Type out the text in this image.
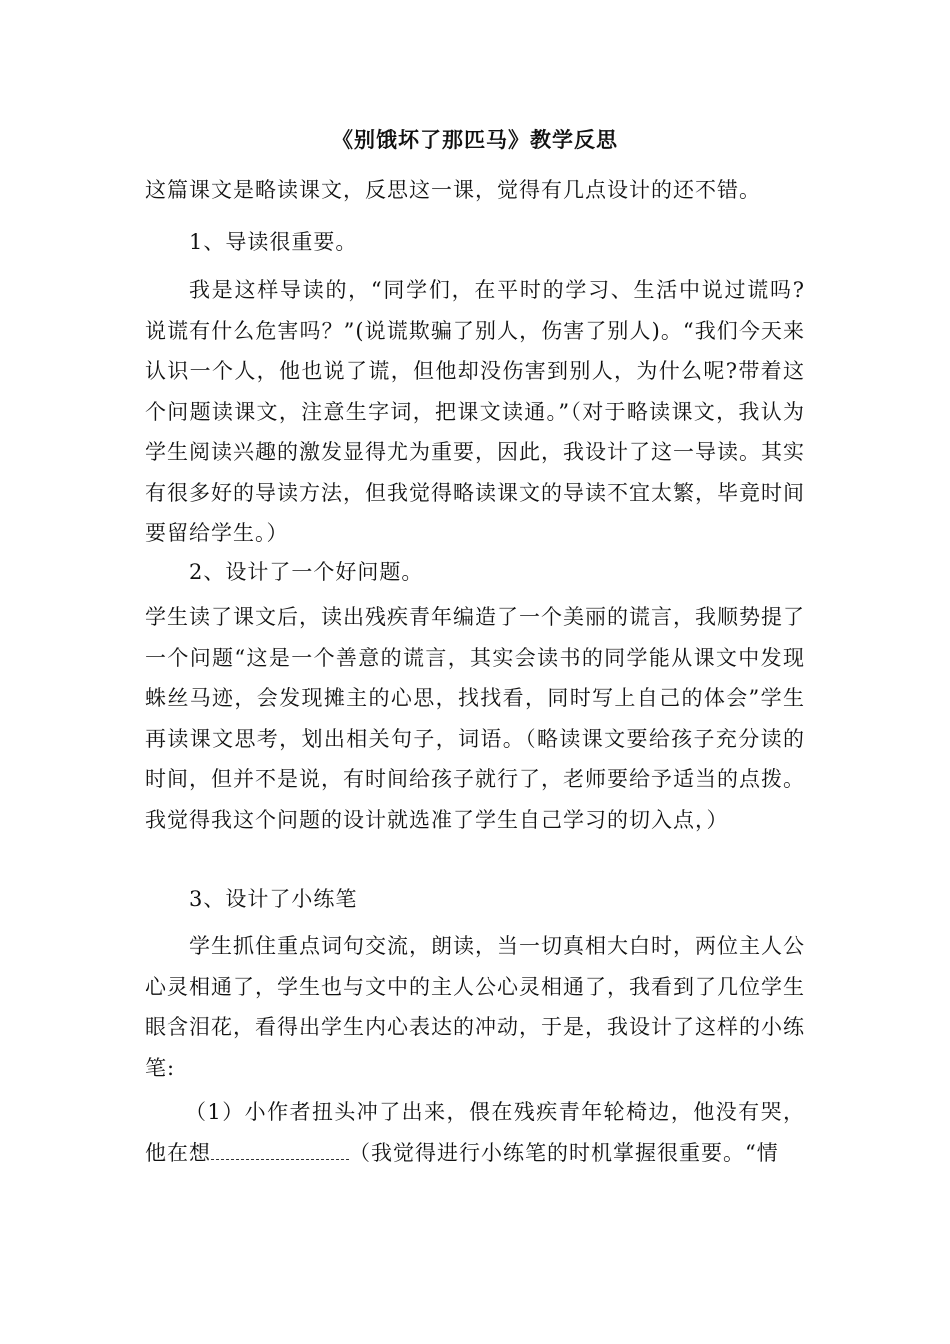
《别饿坏了那匹马》教学反思

这篇课文是略读课文，反思这一课，觉得有几点设计的还不错。

1、导读很重要。

我是这样导读的，“同学们，在平时的学习、生活中说过谎吗?说谎有什么危害吗？”(说谎欺骗了别人，伤害了别人)。“我们今天来认识一个人，他也说了谎，但他却没伤害到别人，为什么呢?带着这个问题读课文，注意生字词，把课文读通。”（对于略读课文，我认为学生阅读兴趣的激发显得尤为重要，因此，我设计了这一导读。其实有很多好的导读方法，但我觉得略读课文的导读不宜太繁，毕竟时间要留给学生。）

2、设计了一个好问题。

学生读了课文后，读出残疾青年编造了一个美丽的谎言，我顺势提了一个问题“这是一个善意的谎言，其实会读书的同学能从课文中发现蛛丝马迹，会发现摊主的心思，找找看，同时写上自己的体会”学生再读课文思考，划出相关句子，词语。（略读课文要给孩子充分读的时间，但并不是说，有时间给孩子就行了，老师要给予适当的点拨。我觉得我这个问题的设计就选准了学生自己学习的切入点，）

3、设计了小练笔

学生抓住重点词句交流，朗读，当一切真相大白时，两位主人公心灵相通了，学生也与文中的主人公心灵相通了，我看到了几位学生眼含泪花，看得出学生内心表达的冲动，于是，我设计了这样的小练笔:

（1）小作者扭头冲了出来，偎在残疾青年轮椅边，他没有哭，他在想	（我觉得进行小练笔的时机掌握很重要。“情
